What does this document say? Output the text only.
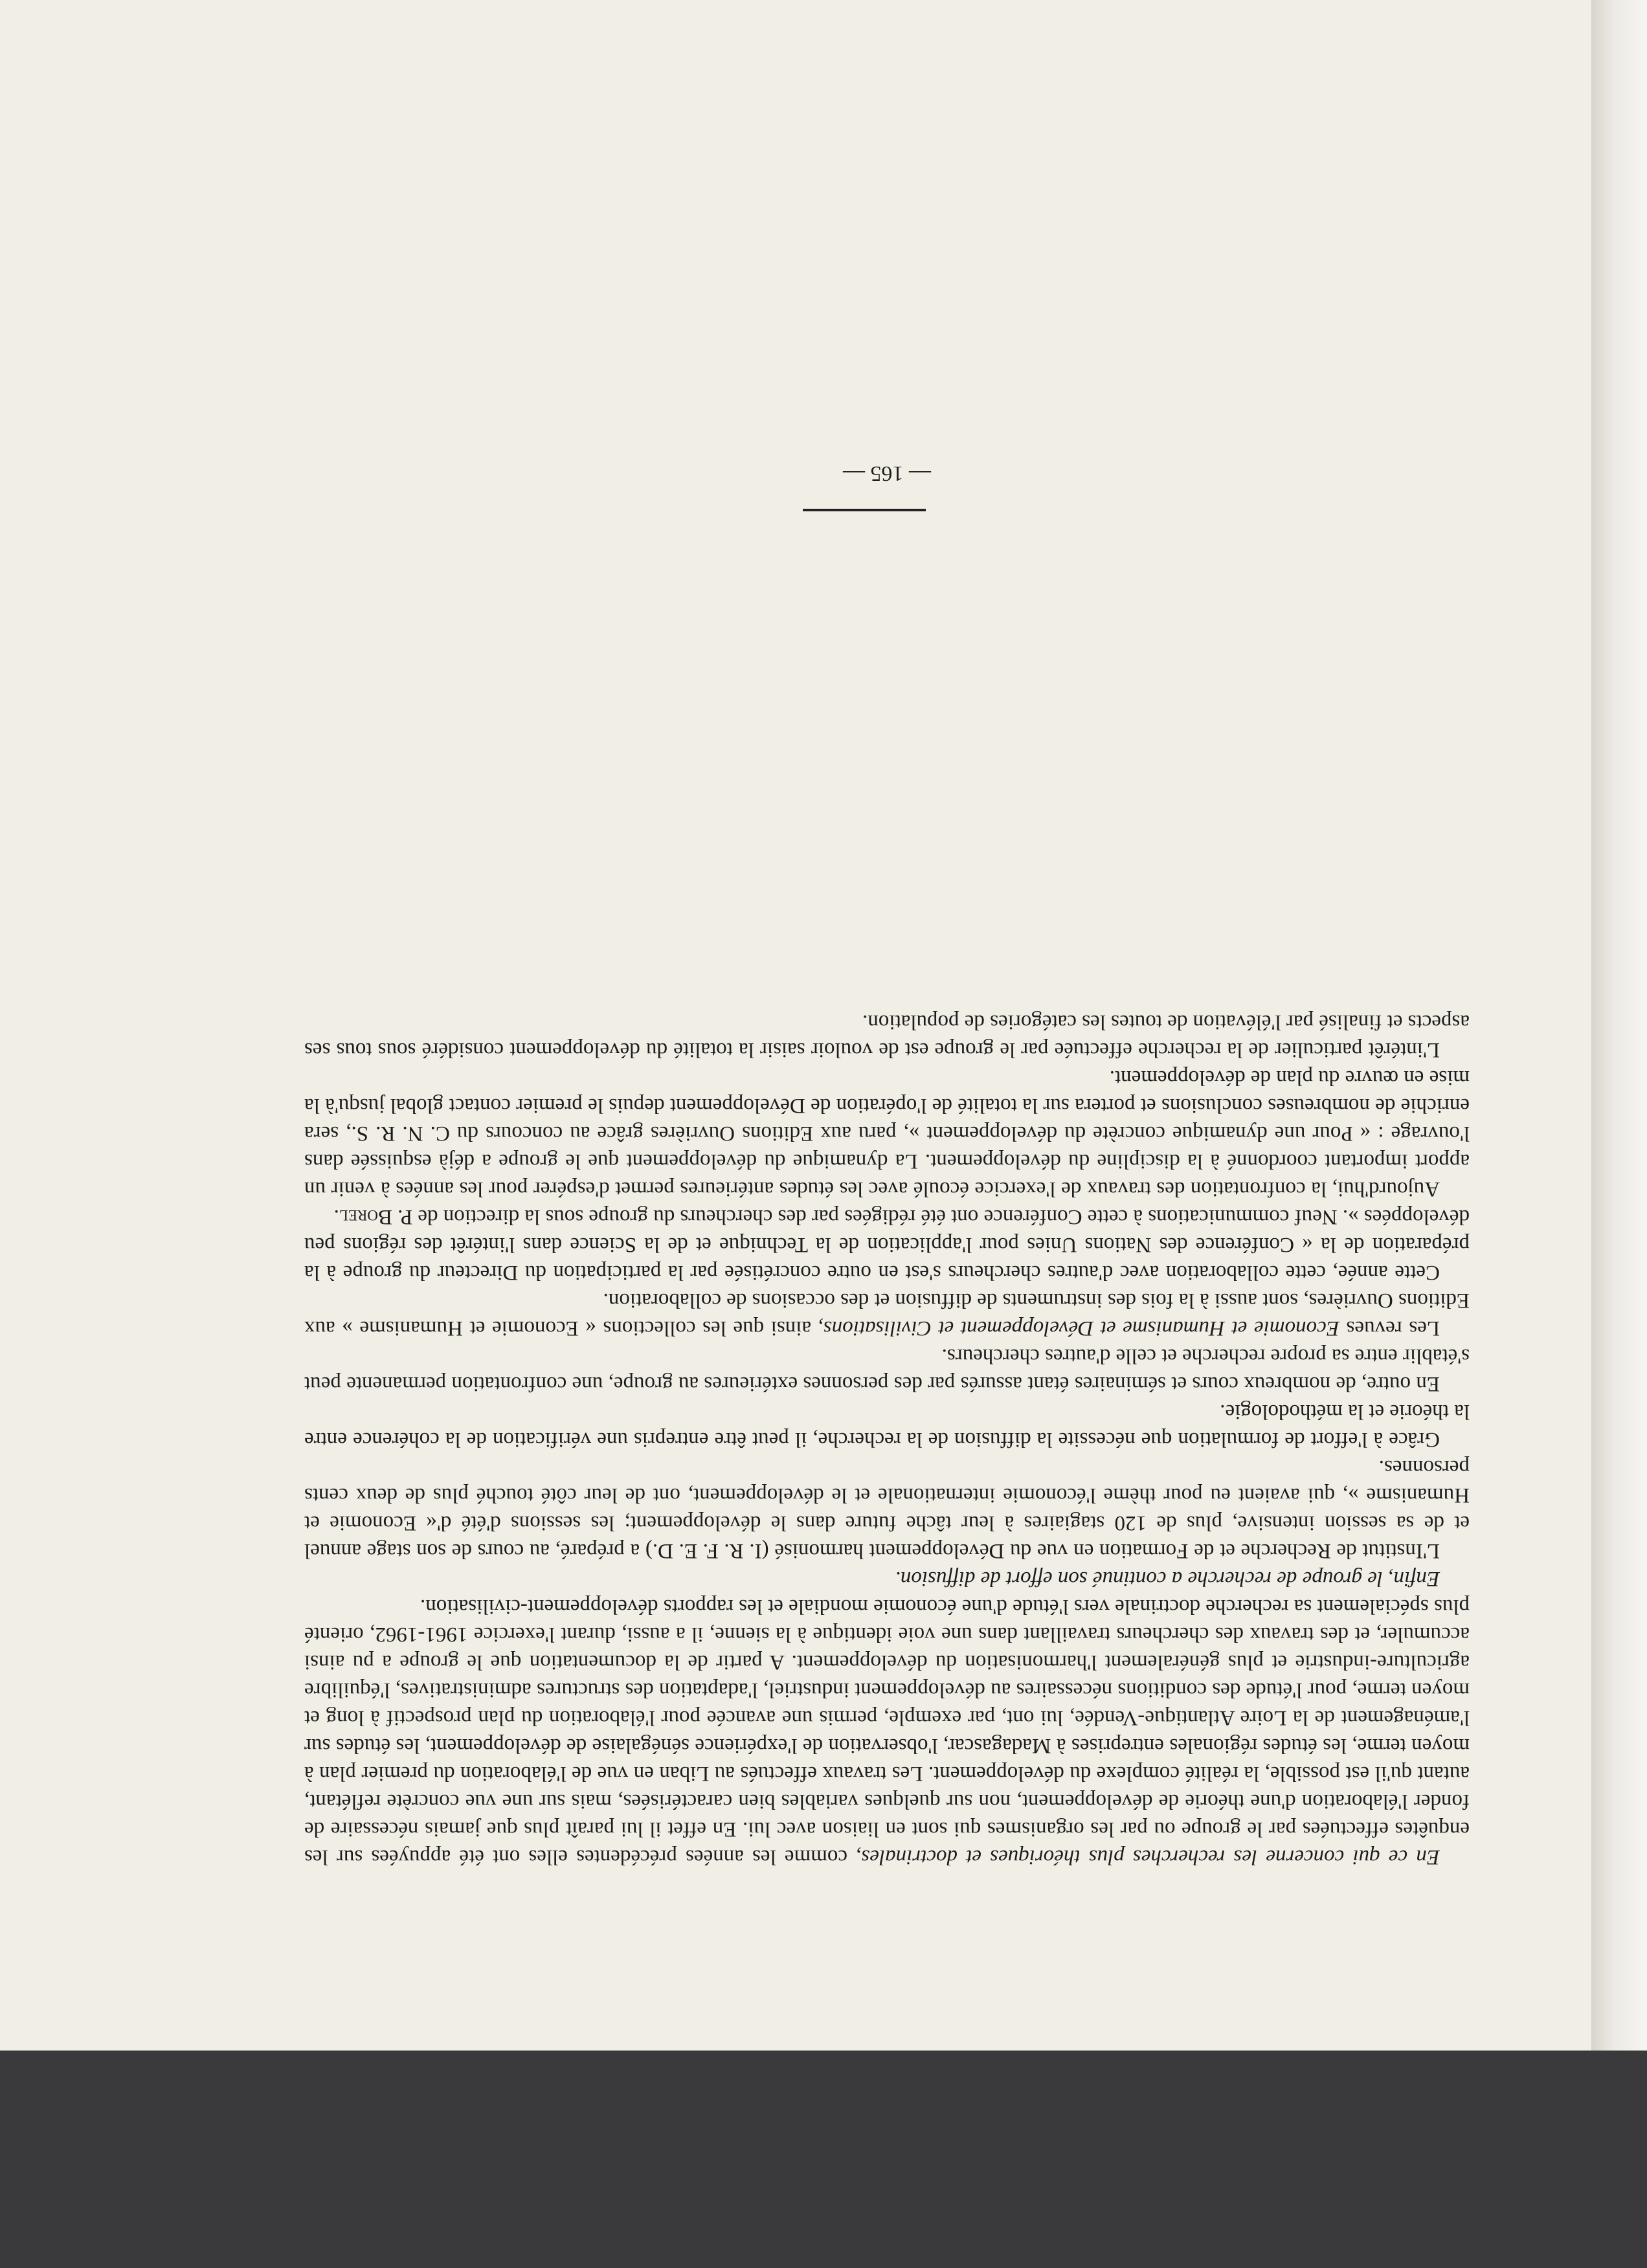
En ce qui concerne les recherches plus théoriques et doctrinales, comme les années précédentes elles ont été appuyées sur les enquêtes effectuées par le groupe ou par les organismes qui sont en liaison avec lui. En effet il lui paraît plus que jamais nécessaire de fonder l'élaboration d'une théorie de développement, non sur quelques variables bien caractérisées, mais sur une vue concrète reflétant, autant qu'il est possible, la réalité complexe du développement. Les travaux effectués au Liban en vue de l'élaboration du premier plan à moyen terme, les études régionales entreprises à Madagascar, l'observation de l'expérience sénégalaise de développement, les études sur l'aménagement de la Loire Atlantique-Vendée, lui ont, par exemple, permis une avancée pour l'élaboration du plan prospectif à long et moyen terme, pour l'étude des conditions nécessaires au développement industriel, l'adaptation des structures administratives, l'équilibre agriculture-industrie et plus généralement l'harmonisation du développement. A partir de la documentation que le groupe a pu ainsi accumuler, et des travaux des chercheurs travaillant dans une voie identique à la sienne, il a aussi, durant l'exercice 1961-1962, orienté plus spécialement sa recherche doctrinale vers l'étude d'une économie mondiale et les rapports développement-civilisation.

Enfin, le groupe de recherche a continué son effort de diffusion.

L'Institut de Recherche et de Formation en vue du Développement harmonisé (I. R. F. E. D.) a préparé, au cours de son stage annuel et de sa session intensive, plus de 120 stagiaires à leur tâche future dans le développement; les sessions d'été d'« Economie et Humanisme », qui avaient eu pour thème l'économie internationale et le développement, ont de leur côté touché plus de deux cents personnes.

Grâce à l'effort de formulation que nécessite la diffusion de la recherche, il peut être entrepris une vérification de la cohérence entre la théorie et la méthodologie.

En outre, de nombreux cours et séminaires étant assurés par des personnes extérieures au groupe, une confrontation permanente peut s'établir entre sa propre recherche et celle d'autres chercheurs.

Les revues Economie et Humanisme et Développement et Civilisations, ainsi que les collections « Economie et Humanisme » aux Editions Ouvrières, sont aussi à la fois des instruments de diffusion et des occasions de collaboration.

Cette année, cette collaboration avec d'autres chercheurs s'est en outre concrétisée par la participation du Directeur du groupe à la préparation de la « Conférence des Nations Unies pour l'application de la Technique et de la Science dans l'intérêt des régions peu développées ». Neuf communications à cette Conférence ont été rédigées par des chercheurs du groupe sous la direction de P. Borel.

Aujourd'hui, la confrontation des travaux de l'exercice écoulé avec les études antérieures permet d'espérer pour les années à venir un apport important coordonné à la discipline du développement. La dynamique du développement que le groupe a déjà esquissée dans l'ouvrage : « Pour une dynamique concrète du développement », paru aux Editions Ouvrières grâce au concours du C. N. R. S., sera enrichie de nombreuses conclusions et portera sur la totalité de l'opération de Développement depuis le premier contact global jusqu'à la mise en œuvre du plan de développement.

L'intérêt particulier de la recherche effectuée par le groupe est de vouloir saisir la totalité du développement considéré sous tous ses aspects et finalisé par l'élévation de toutes les catégories de population.

— 165 —
